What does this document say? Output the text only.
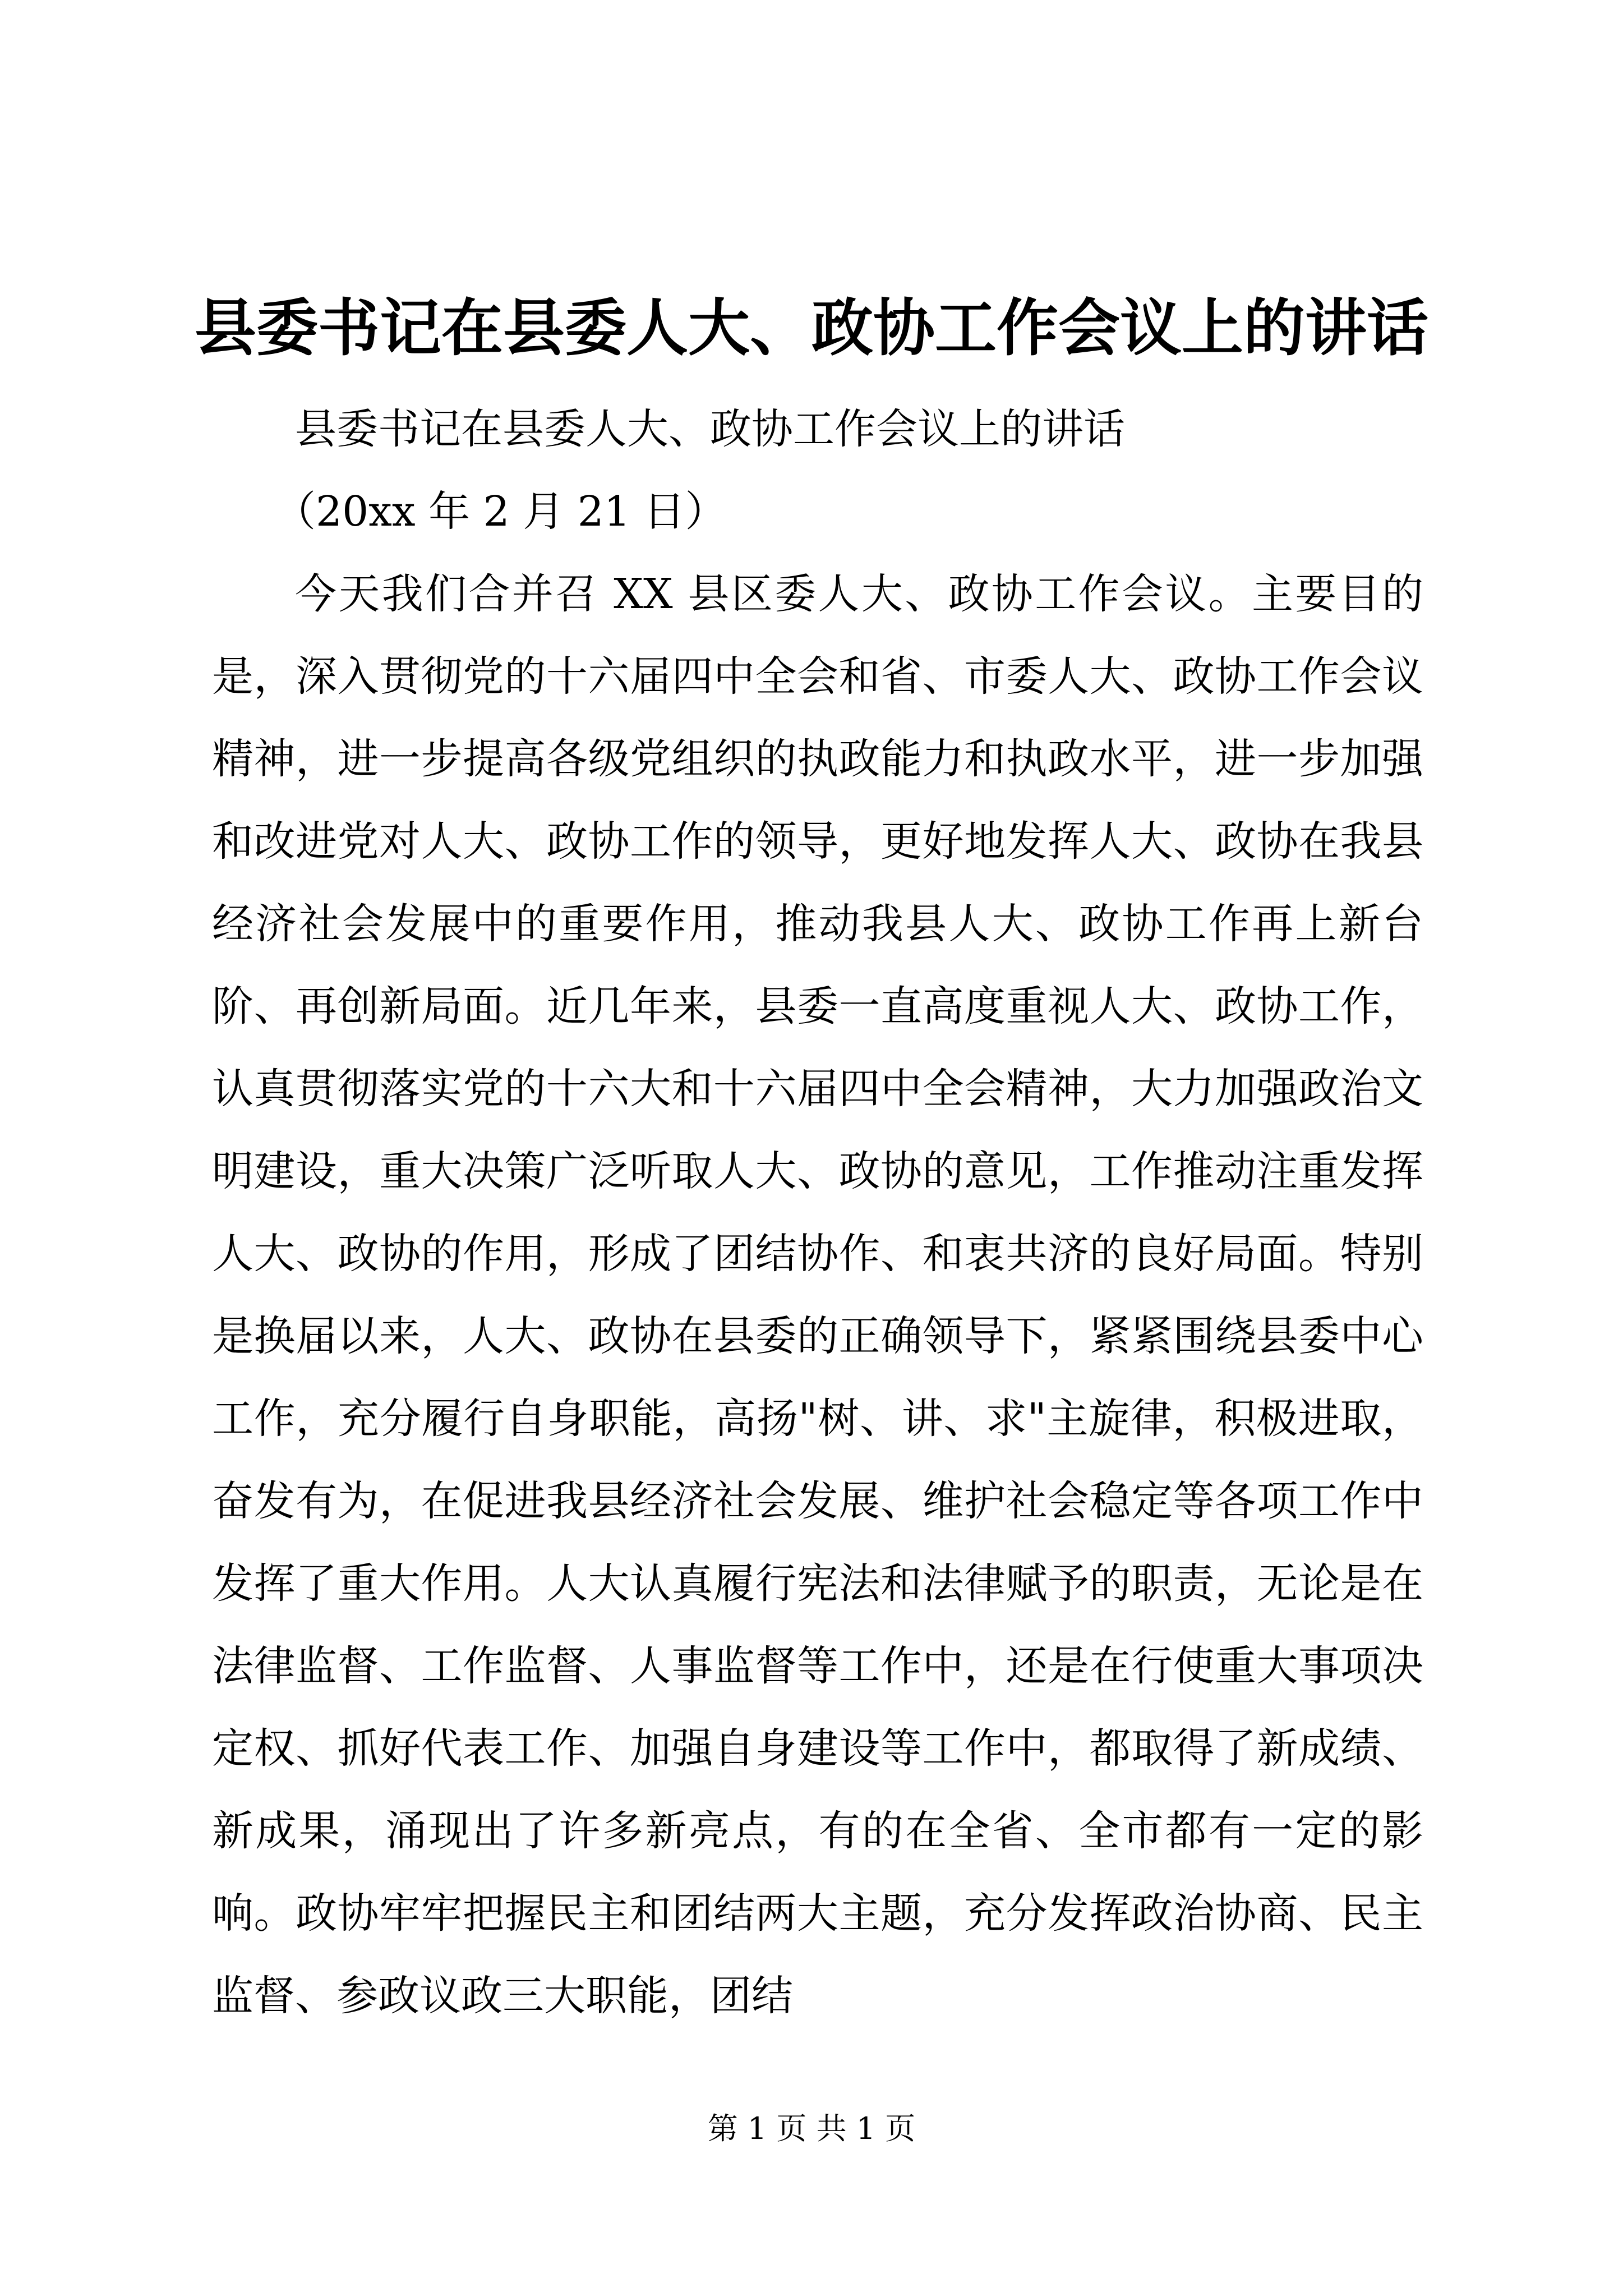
县委书记在县委人大、政协工作会议上的讲话

县委书记在县委人大、政协工作会议上的讲话

（20xx 年 2 月 21 日）

今天我们合并召 XX 县区委人大、政协工作会议。主要目的是，深入贯彻党的十六届四中全会和省、市委人大、政协工作会议精神，进一步提高各级党组织的执政能力和执政水平，进一步加强和改进党对人大、政协工作的领导，更好地发挥人大、政协在我县经济社会发展中的重要作用，推动我县人大、政协工作再上新台阶、再创新局面。近几年来，县委一直高度重视人大、政协工作，认真贯彻落实党的十六大和十六届四中全会精神，大力加强政治文明建设，重大决策广泛听取人大、政协的意见，工作推动注重发挥人大、政协的作用，形成了团结协作、和衷共济的良好局面。特别是换届以来，人大、政协在县委的正确领导下，紧紧围绕县委中心工作，充分履行自身职能，高扬"树、讲、求"主旋律，积极进取，奋发有为，在促进我县经济社会发展、维护社会稳定等各项工作中发挥了重大作用。人大认真履行宪法和法律赋予的职责，无论是在法律监督、工作监督、人事监督等工作中，还是在行使重大事项决定权、抓好代表工作、加强自身建设等工作中，都取得了新成绩、新成果，涌现出了许多新亮点，有的在全省、全市都有一定的影响。政协牢牢把握民主和团结两大主题，充分发挥政治协商、民主监督、参政议政三大职能，团结

第 1 页 共 1 页
